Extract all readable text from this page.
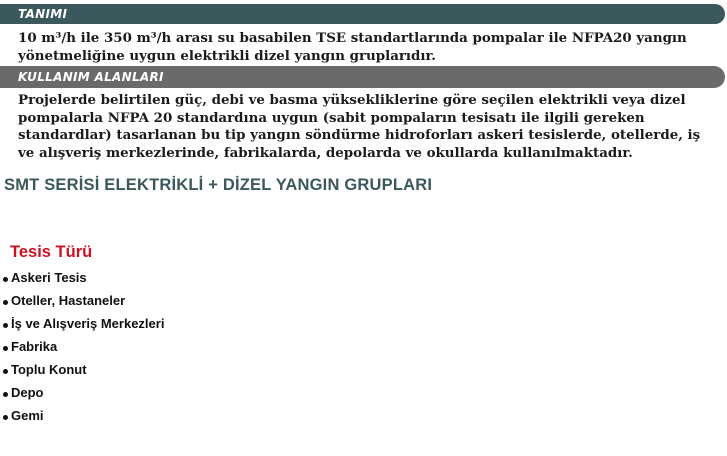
TANIMI
10 m³/h ile 350 m³/h arası su basabilen TSE standartlarında pompalar ile NFPA20 yangın yönetmeliğine uygun elektrikli dizel yangın gruplarıdır.
KULLANIM ALANLARI
Projelerde belirtilen güç, debi ve basma yüksekliklerine göre seçilen elektrikli veya dizel pompalarla NFPA 20 standardına uygun (sabit pompaların tesisatı ile ilgili gereken standardlar) tasarlanan bu tip yangın söndürme hidroforları askeri tesislerde, otellerde, iş ve alışveriş merkezlerinde, fabrikalarda, depolarda ve okullarda kullanılmaktadır.
SMT SERİSİ ELEKTRİKLİ + DİZEL YANGIN GRUPLARI
Tesis Türü
Askeri Tesis
Oteller, Hastaneler
İş ve Alışveriş Merkezleri
Fabrika
Toplu Konut
Depo
Gemi
